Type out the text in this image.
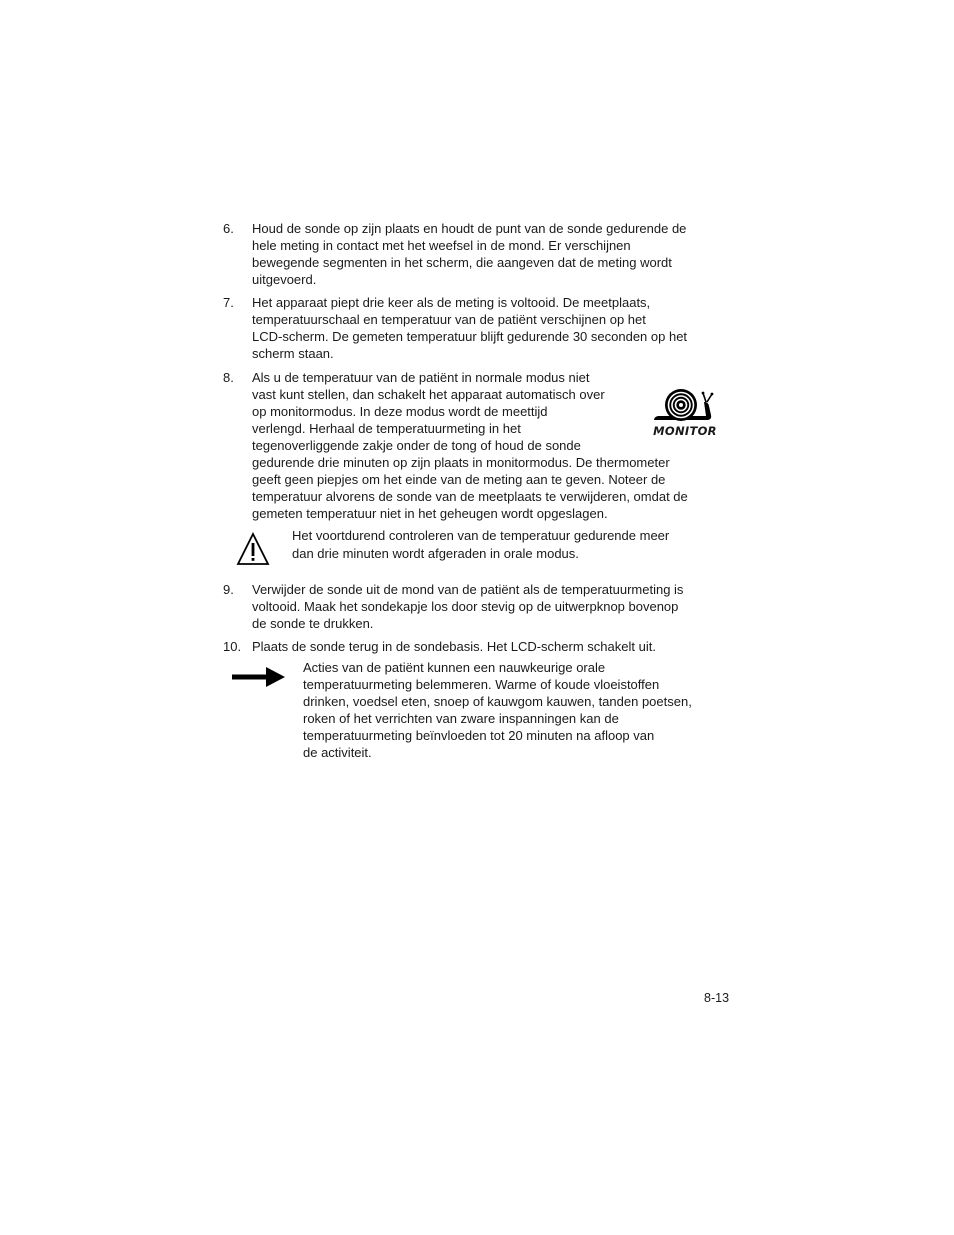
6. Houd de sonde op zijn plaats en houdt de punt van de sonde gedurende de
hele meting in contact met het weefsel in de mond. Er verschijnen
bewegende segmenten in het scherm, die aangeven dat de meting wordt
uitgevoerd.
7. Het apparaat piept drie keer als de meting is voltooid. De meetplaats,
temperatuurschaal en temperatuur van de patiënt verschijnen op het
LCD-scherm. De gemeten temperatuur blijft gedurende 30 seconden op het
scherm staan.
8. Als u de temperatuur van de patiënt in normale modus niet
vast kunt stellen, dan schakelt het apparaat automatisch over
op monitormodus. In deze modus wordt de meettijd
verlengd. Herhaal de temperatuurmeting in het
tegenoverliggende zakje onder de tong of houd de sonde
gedurende drie minuten op zijn plaats in monitormodus. De thermometer
geeft geen piepjes om het einde van de meting aan te geven. Noteer de
temperatuur alvorens de sonde van de meetplaats te verwijderen, omdat de
gemeten temperatuur niet in het geheugen wordt opgeslagen.
MONITOR
Het voortdurend controleren van de temperatuur gedurende meer
dan drie minuten wordt afgeraden in orale modus.
9. Verwijder de sonde uit de mond van de patiënt als de temperatuurmeting is
voltooid. Maak het sondekapje los door stevig op de uitwerpknop bovenop
de sonde te drukken.
10. Plaats de sonde terug in de sondebasis. Het LCD-scherm schakelt uit.
Acties van de patiënt kunnen een nauwkeurige orale
temperatuurmeting belemmeren. Warme of koude vloeistoffen
drinken, voedsel eten, snoep of kauwgom kauwen, tanden poetsen,
roken of het verrichten van zware inspanningen kan de
temperatuurmeting beïnvloeden tot 20 minuten na afloop van
de activiteit.
8-13
